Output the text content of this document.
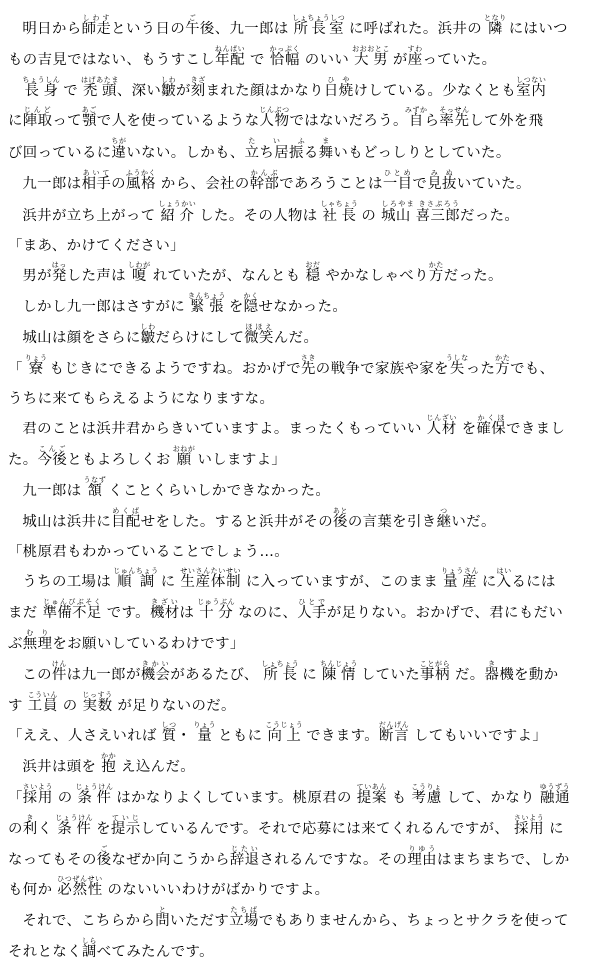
明日から師走しわすという日の午ご後、九一郎は 所長室しょちょうしつ に呼ばれた。浜井の 隣となり にはいつ

もの吉見ではない、もうすこし年配ねんぱい で 恰幅かっぷく のいい 大男おおおとこ が座すわっていた。

長身ちょうしん で 禿頭はげあたま、深い皺しわが刻きざまれた顔はかなり日焼ひやけしている。少なくとも室内しつない

に陣取じんどって顎あごで人を使っているような人物じんぶつではないだろう。自みずから率先そっせんして外を飛

び回っているに違ちがいない。しかも、立ち居振る舞た い ふ まいもどっしりとしていた。

九一郎は相手あいての風格ふうかく から、会社の幹部かんぶであろうことは一目ひとめで見抜みぬいていた。

浜井が立ち上がって 紹介しょうかい した。その人物は 社長しゃちょう の 城山 喜三郎しろやま きさぶろうだった。

「まあ、かけてください」

男が発はっした声は 嗄しわが れていたが、なんとも 穏おだ やかなしゃべり方かただった。

しかし九一郎はさすがに 緊張きんちょう を隠かくせなかった。

城山は顔をさらに皺しわだらけにして微笑ほほえんだ。

「 寮りょう もじきにできるようですね。おかげで先さきの戦争で家族や家を失うしなった方かたでも、

うちに来てもらえるようになりますな。

君のことは浜井君からきいていますよ。まったくもっていい 人材じんざい を確保かくほできまし

た。今後こんごともよろしくお 願おねが いしますよ」

九一郎は 頷うなず くことくらいしかできなかった。

城山は浜井に目配めくばせをした。すると浜井がその後あとの言葉を引き継ついだ。

「桃原君もわかっていることでしょう…。

うちの工場は 順調じゅんちょう に 生産体制せいさんたいせい に入っていますが、このまま 量産りょうさん に入はいるには

まだ 準備不足じゅんびぶそく です。機材きざいは 十分じゅうぶん なのに、人手ひとでが足りない。おかげで、君にもだい

ぶ無理むりをお願いしているわけです」

この件けんは九一郎が機会きかいがあるたび、 所長しょちょう に 陳情ちんじょう していた事柄ことがら だ。器き機を動か

す 工員こういん の 実数じっすう が足りないのだ。

「ええ、人さえいれば 質しつ・ 量りょう ともに 向上こうじょう できます。断言だんげん してもいいですよ」

浜井は頭を 抱かか え込んだ。

「採用さいよう の 条件じょうけん はかなりよくしています。桃原君の 提案ていあん も 考慮こうりょ して、かなり 融通ゆうずう

の利きく 条件じょうけん を提示ていじしているんです。それで応募には来てくれるんですが、 採用さいよう に

なってもその後ごなぜか向こうから辞退じたいされるんですな。その理由りゆうはまちまちで、しか

も何か 必然性ひつぜんせい のないいいわけがばかりですよ。

それで、こちらから問といただす立場たちばでもありませんから、ちょっとサクラを使って

それとなく調しらべてみたんです。
